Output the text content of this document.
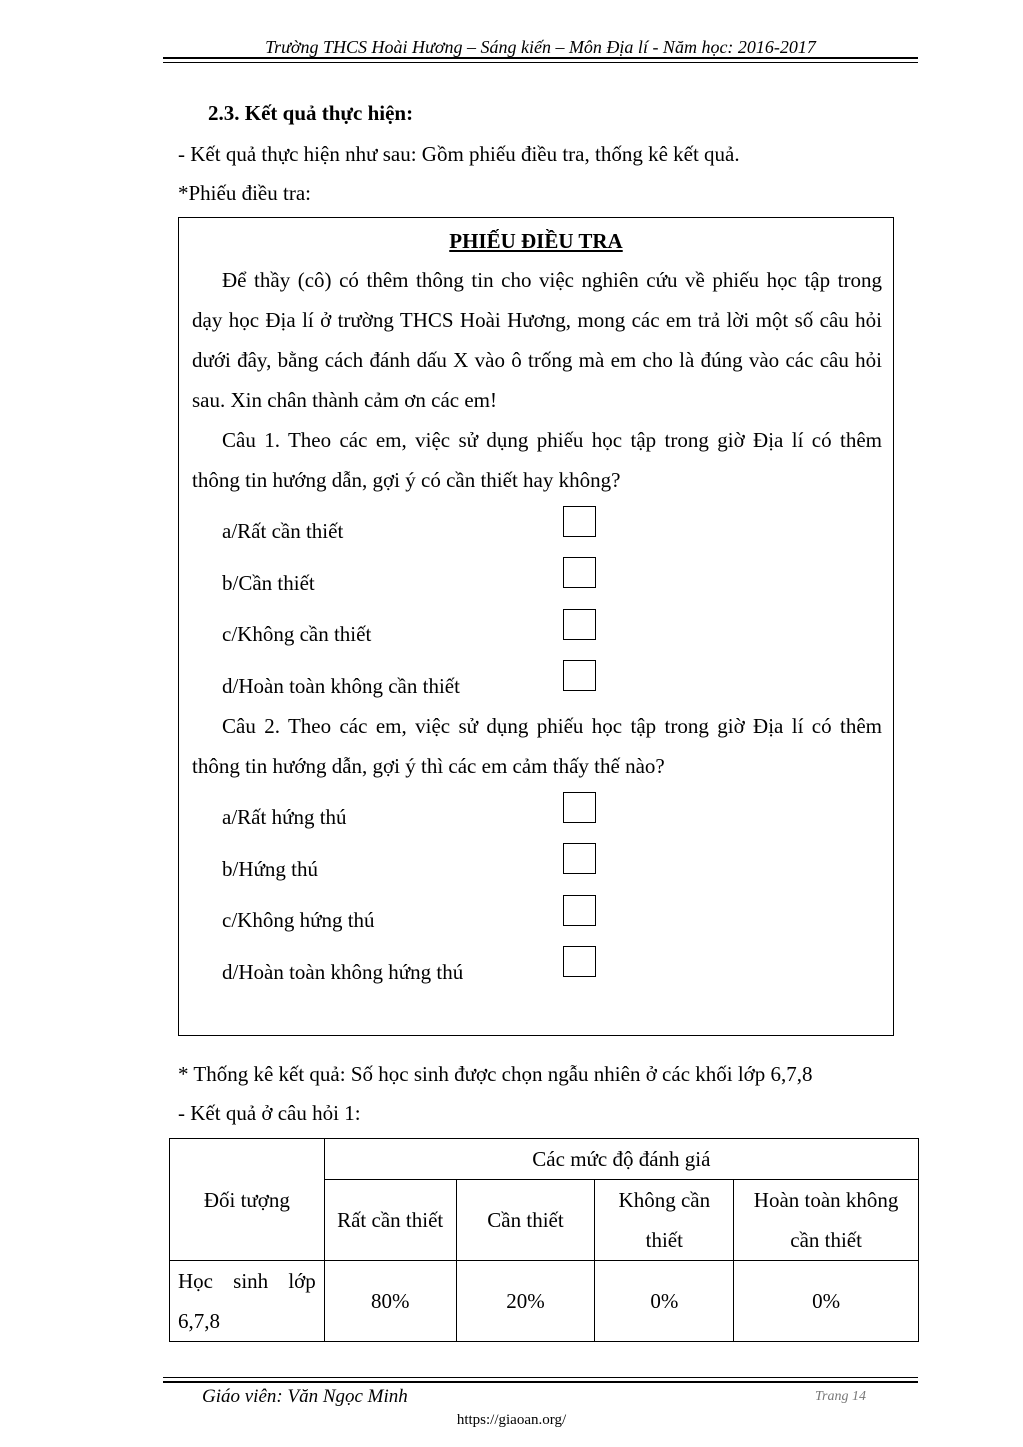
Trường THCS Hoài Hương – Sáng kiến – Môn Địa lí - Năm học: 2016-2017
2.3. Kết quả thực hiện:
- Kết quả thực hiện như sau: Gồm phiếu điều tra, thống kê kết quả.
*Phiếu điều tra:
PHIẾU ĐIỀU TRA
Để thầy (cô) có thêm thông tin cho việc nghiên cứu về phiếu học tập trong dạy học Địa lí ở trường THCS Hoài Hương, mong các em trả lời một số câu hỏi dưới đây, bằng cách đánh dấu X vào ô trống mà em cho là đúng vào các câu hỏi sau. Xin chân thành cảm ơn các em!
Câu 1. Theo các em, việc sử dụng phiếu học tập trong giờ Địa lí có thêm thông tin hướng dẫn, gợi ý có cần thiết hay không?
a/Rất cần thiết
b/Cần thiết
c/Không cần thiết
d/Hoàn toàn không cần thiết
Câu 2. Theo các em, việc sử dụng phiếu học tập trong giờ Địa lí có thêm thông tin hướng dẫn, gợi ý thì các em cảm thấy thế nào?
a/Rất hứng thú
b/Hứng thú
c/Không hứng thú
d/Hoàn toàn không hứng thú
* Thống kê kết quả: Số học sinh được chọn ngẫu nhiên ở các khối lớp 6,7,8
- Kết quả ở câu hỏi 1:
Đối tượng	Các mức độ đánh giá			
	Rất cần thiết	Cần thiết	Không cần thiết	Hoàn toàn không cần thiết
Học sinh lớp 6,7,8	80%	20%	0%	0%
Giáo viên: Văn Ngọc Minh	Trang 14
https://giaoan.org/
